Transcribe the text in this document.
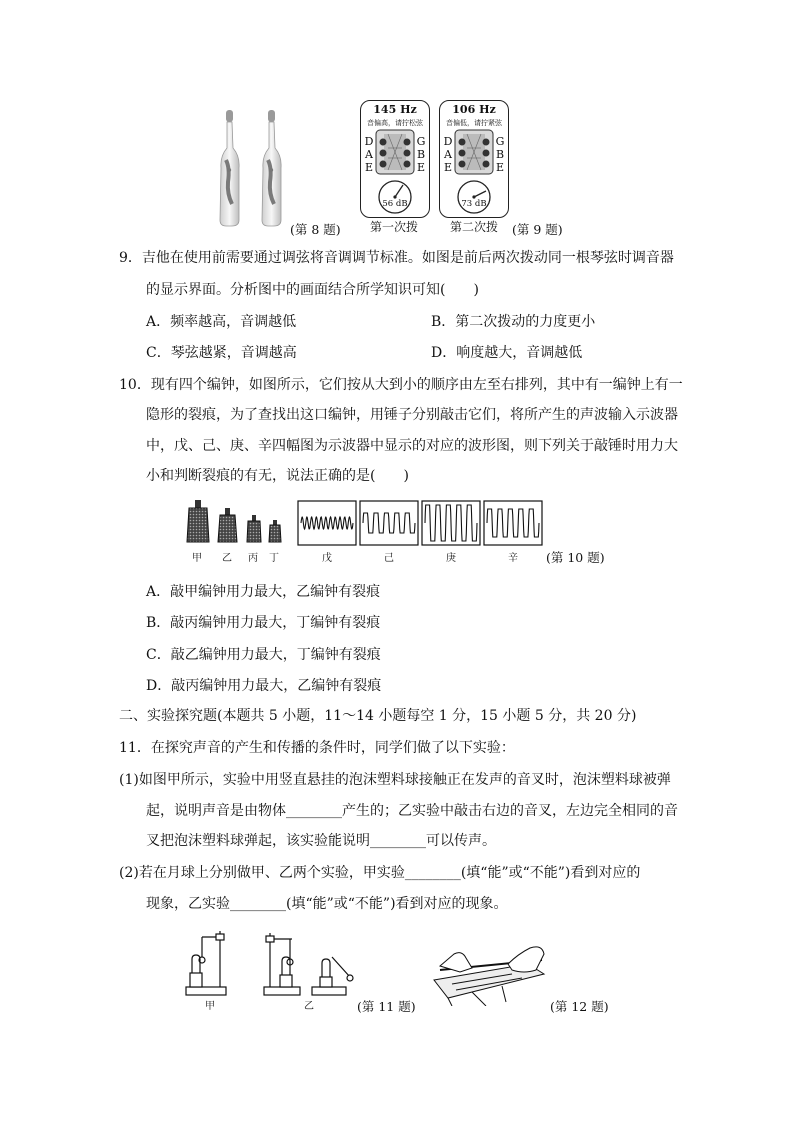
(第 8 题)
145 Hz
音偏高，请拧松弦
D
A
E
G
B
E
56 dB
第一次拨
106 Hz
音偏低，请拧紧弦
D
A
E
G
B
E
73 dB
第二次拨 (第 9 题)
9．吉他在使用前需要通过调弦将音调调节标准。如图是前后两次拨动同一根琴弦时调音器
的显示界面。分析图中的画面结合所学知识可知(　　)
A．频率越高，音调越低	B．第二次拨动的力度更小
C．琴弦越紧，音调越高	D．响度越大，音调越低
10．现有四个编钟，如图所示，它们按从大到小的顺序由左至右排列，其中有一编钟上有一
隐形的裂痕，为了查找出这口编钟，用锤子分别敲击它们，将所产生的声波输入示波器
中，戊、己、庚、辛四幅图为示波器中显示的对应的波形图，则下列关于敲锤时用力大
小和判断裂痕的有无，说法正确的是(　　)
甲 乙 丙 丁	戊	己	庚	辛 (第 10 题)
A．敲甲编钟用力最大，乙编钟有裂痕
B．敲丙编钟用力最大，丁编钟有裂痕
C．敲乙编钟用力最大，丁编钟有裂痕
D．敲丙编钟用力最大，乙编钟有裂痕
二、实验探究题(本题共 5 小题，11～14 小题每空 1 分，15 小题 5 分，共 20 分)
11．在探究声音的产生和传播的条件时，同学们做了以下实验：
(1)如图甲所示，实验中用竖直悬挂的泡沫塑料球接触正在发声的音叉时，泡沫塑料球被弹
起，说明声音是由物体________产生的；乙实验中敲击右边的音叉，左边完全相同的音
叉把泡沫塑料球弹起，该实验能说明________可以传声。
(2)若在月球上分别做甲、乙两个实验，甲实验________(填“能”或“不能”)看到对应的
现象，乙实验________(填“能”或“不能”)看到对应的现象。
甲	乙	(第 11 题)	(第 12 题)
